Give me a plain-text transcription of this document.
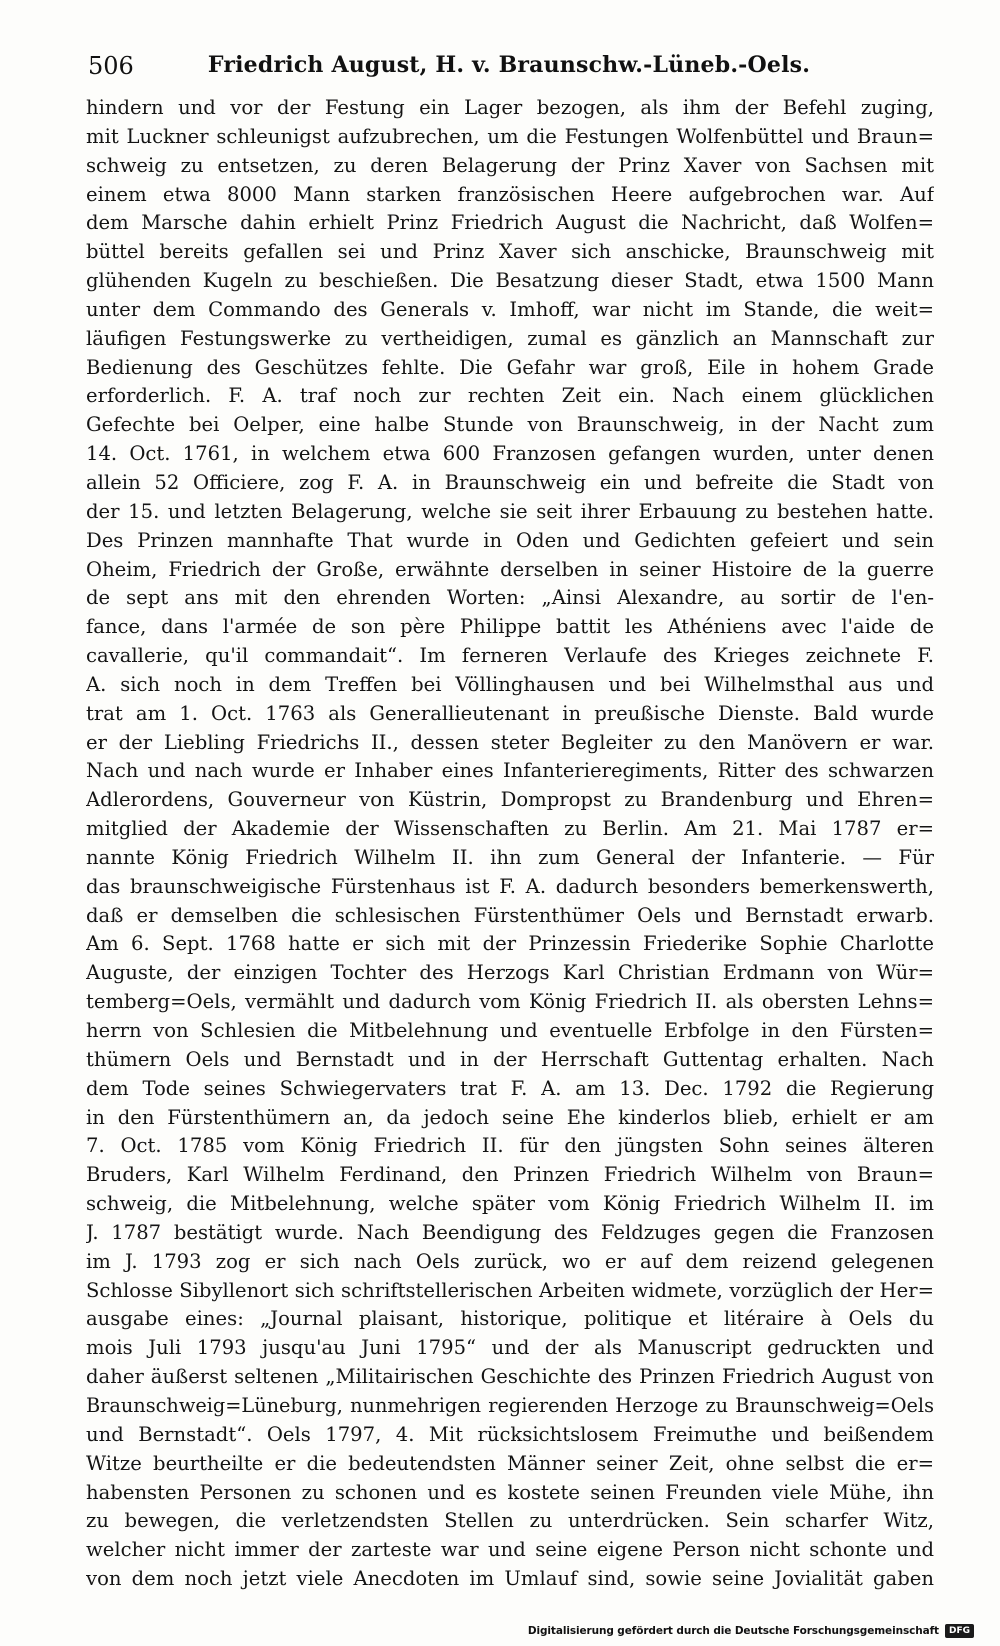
506	Friedrich August, H. v. Braunschw.-Lüneb.-Oels.
hindern und vor der Festung ein Lager bezogen, als ihm der Befehl zuging,
mit Luckner schleunigst aufzubrechen, um die Festungen Wolfenbüttel und Braun=
schweig zu entsetzen, zu deren Belagerung der Prinz Xaver von Sachsen mit
einem etwa 8000 Mann starken französischen Heere aufgebrochen war. Auf
dem Marsche dahin erhielt Prinz Friedrich August die Nachricht, daß Wolfen=
büttel bereits gefallen sei und Prinz Xaver sich anschicke, Braunschweig mit
glühenden Kugeln zu beschießen. Die Besatzung dieser Stadt, etwa 1500 Mann
unter dem Commando des Generals v. Imhoff, war nicht im Stande, die weit=
läufigen Festungswerke zu vertheidigen, zumal es gänzlich an Mannschaft zur
Bedienung des Geschützes fehlte. Die Gefahr war groß, Eile in hohem Grade
erforderlich. F. A. traf noch zur rechten Zeit ein. Nach einem glücklichen
Gefechte bei Oelper, eine halbe Stunde von Braunschweig, in der Nacht zum
14. Oct. 1761, in welchem etwa 600 Franzosen gefangen wurden, unter denen
allein 52 Officiere, zog F. A. in Braunschweig ein und befreite die Stadt von
der 15. und letzten Belagerung, welche sie seit ihrer Erbauung zu bestehen hatte.
Des Prinzen mannhafte That wurde in Oden und Gedichten gefeiert und sein
Oheim, Friedrich der Große, erwähnte derselben in seiner Histoire de la guerre
de sept ans mit den ehrenden Worten: „Ainsi Alexandre, au sortir de l'en-
fance, dans l'armée de son père Philippe battit les Athéniens avec l'aide de
cavallerie, qu'il commandait“. Im ferneren Verlaufe des Krieges zeichnete F.
A. sich noch in dem Treffen bei Völlinghausen und bei Wilhelmsthal aus und
trat am 1. Oct. 1763 als Generallieutenant in preußische Dienste. Bald wurde
er der Liebling Friedrichs II., dessen steter Begleiter zu den Manövern er war.
Nach und nach wurde er Inhaber eines Infanterieregiments, Ritter des schwarzen
Adlerordens, Gouverneur von Küstrin, Dompropst zu Brandenburg und Ehren=
mitglied der Akademie der Wissenschaften zu Berlin. Am 21. Mai 1787 er=
nannte König Friedrich Wilhelm II. ihn zum General der Infanterie. — Für
das braunschweigische Fürstenhaus ist F. A. dadurch besonders bemerkenswerth,
daß er demselben die schlesischen Fürstenthümer Oels und Bernstadt erwarb.
Am 6. Sept. 1768 hatte er sich mit der Prinzessin Friederike Sophie Charlotte
Auguste, der einzigen Tochter des Herzogs Karl Christian Erdmann von Wür=
temberg=Oels, vermählt und dadurch vom König Friedrich II. als obersten Lehns=
herrn von Schlesien die Mitbelehnung und eventuelle Erbfolge in den Fürsten=
thümern Oels und Bernstadt und in der Herrschaft Guttentag erhalten. Nach
dem Tode seines Schwiegervaters trat F. A. am 13. Dec. 1792 die Regierung
in den Fürstenthümern an, da jedoch seine Ehe kinderlos blieb, erhielt er am
7. Oct. 1785 vom König Friedrich II. für den jüngsten Sohn seines älteren
Bruders, Karl Wilhelm Ferdinand, den Prinzen Friedrich Wilhelm von Braun=
schweig, die Mitbelehnung, welche später vom König Friedrich Wilhelm II. im
J. 1787 bestätigt wurde. Nach Beendigung des Feldzuges gegen die Franzosen
im J. 1793 zog er sich nach Oels zurück, wo er auf dem reizend gelegenen
Schlosse Sibyllenort sich schriftstellerischen Arbeiten widmete, vorzüglich der Her=
ausgabe eines: „Journal plaisant, historique, politique et litéraire à Oels du
mois Juli 1793 jusqu'au Juni 1795“ und der als Manuscript gedruckten und
daher äußerst seltenen „Militairischen Geschichte des Prinzen Friedrich August von
Braunschweig=Lüneburg, nunmehrigen regierenden Herzoge zu Braunschweig=Oels
und Bernstadt“. Oels 1797, 4. Mit rücksichtslosem Freimuthe und beißendem
Witze beurtheilte er die bedeutendsten Männer seiner Zeit, ohne selbst die er=
habensten Personen zu schonen und es kostete seinen Freunden viele Mühe, ihn
zu bewegen, die verletzendsten Stellen zu unterdrücken. Sein scharfer Witz,
welcher nicht immer der zarteste war und seine eigene Person nicht schonte und
von dem noch jetzt viele Anecdoten im Umlauf sind, sowie seine Jovialität gaben
Digitalisierung gefördert durch die Deutsche Forschungsgemeinschaft	DFG
